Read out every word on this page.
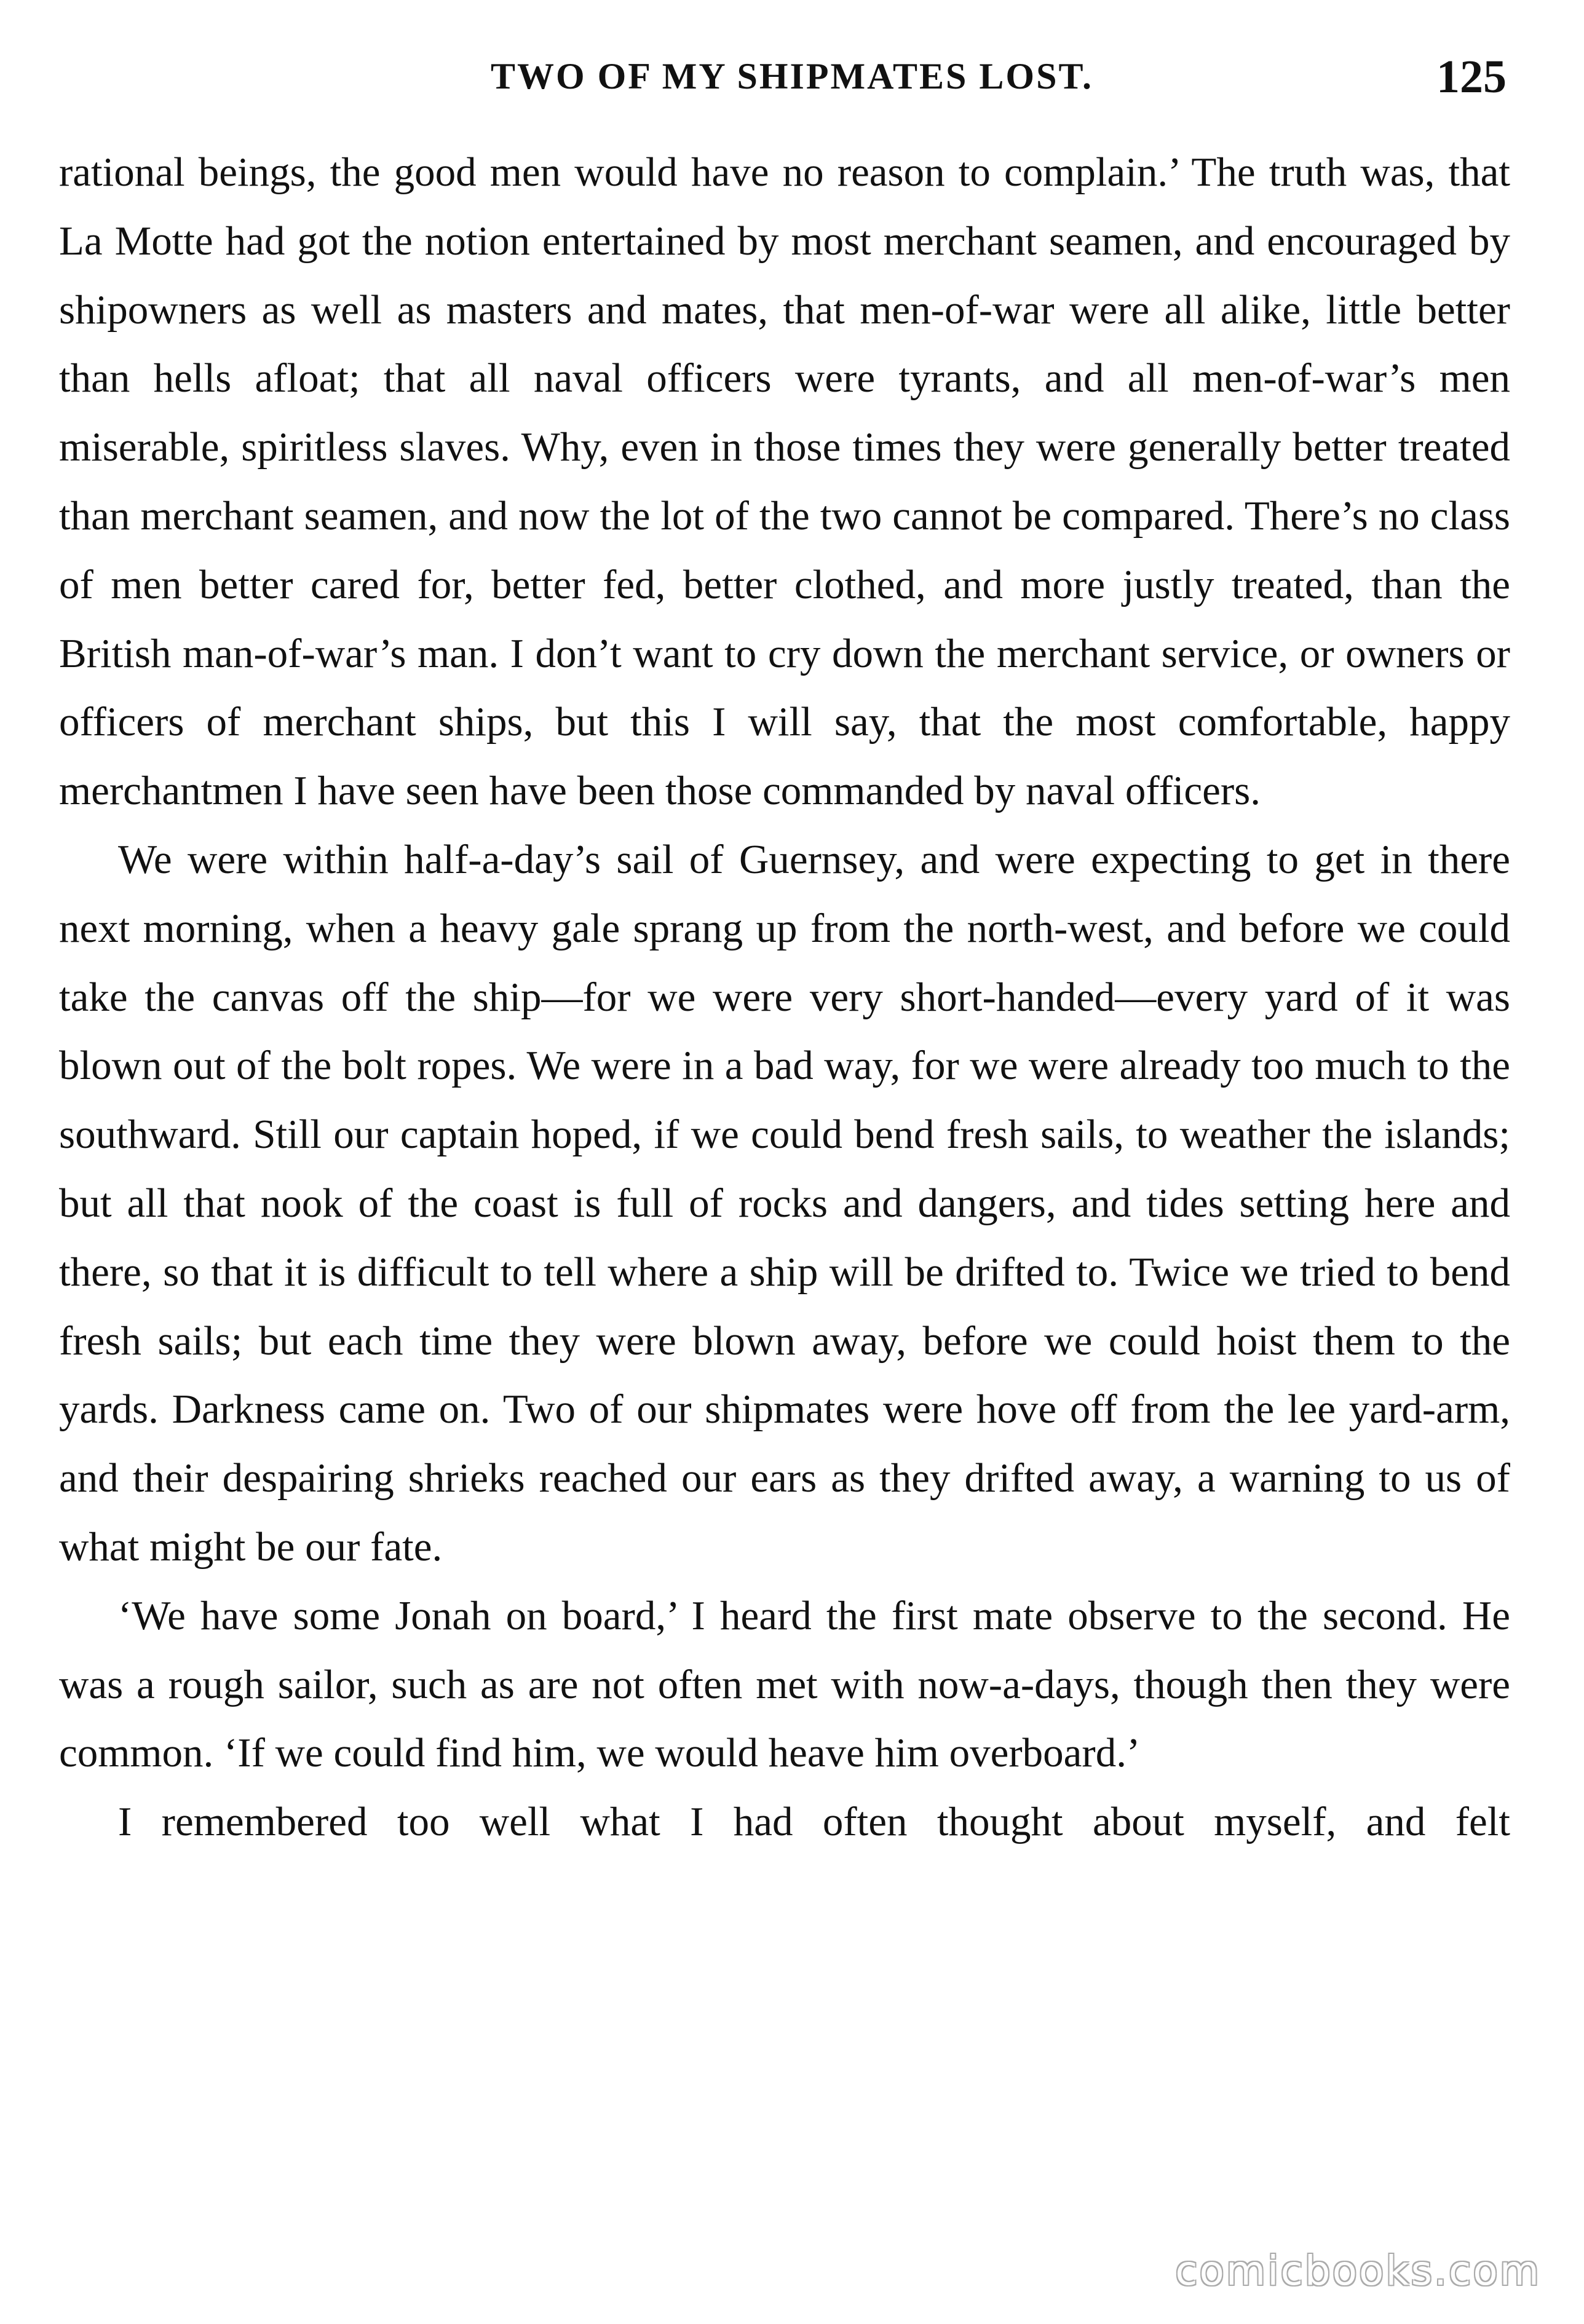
TWO OF MY SHIPMATES LOST.	125

rational beings, the good men would have no reason to complain.’ The truth was, that La Motte had got the notion entertained by most merchant seamen, and encouraged by shipowners as well as masters and mates, that men-of-war were all alike, little better than hells afloat; that all naval officers were tyrants, and all men-of-war’s men miserable, spiritless slaves. Why, even in those times they were generally better treated than merchant seamen, and now the lot of the two cannot be compared. There’s no class of men better cared for, better fed, better clothed, and more justly treated, than the British man-of-war’s man. I don’t want to cry down the merchant service, or owners or officers of merchant ships, but this I will say, that the most comfortable, happy merchantmen I have seen have been those commanded by naval officers.

We were within half-a-day’s sail of Guernsey, and were expecting to get in there next morning, when a heavy gale sprang up from the north-west, and before we could take the canvas off the ship—for we were very short-handed—every yard of it was blown out of the bolt ropes. We were in a bad way, for we were already too much to the southward. Still our captain hoped, if we could bend fresh sails, to weather the islands; but all that nook of the coast is full of rocks and dangers, and tides setting here and there, so that it is difficult to tell where a ship will be drifted to. Twice we tried to bend fresh sails; but each time they were blown away, before we could hoist them to the yards. Darkness came on. Two of our shipmates were hove off from the lee yard-arm, and their despairing shrieks reached our ears as they drifted away, a warning to us of what might be our fate.

‘We have some Jonah on board,’ I heard the first mate observe to the second. He was a rough sailor, such as are not often met with now-a-days, though then they were common. ‘If we could find him, we would heave him overboard.’

I remembered too well what I had often thought about myself, and felt

comicbooks.com
